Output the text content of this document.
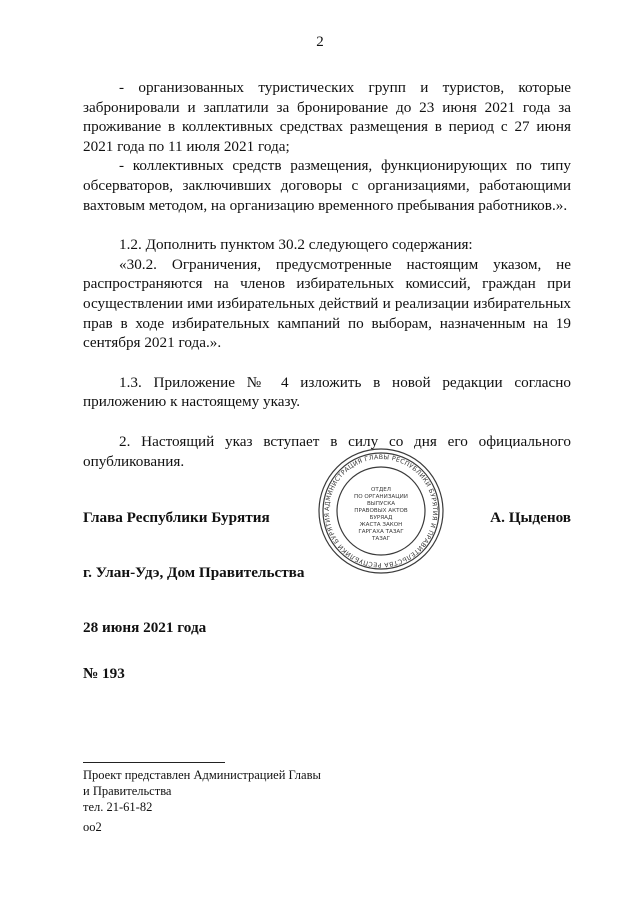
2

- организованных туристических групп и туристов, которые забронировали и заплатили за бронирование до 23 июня 2021 года за проживание в коллективных средствах размещения в период с 27 июня 2021 года по 11 июля 2021 года;

- коллективных средств размещения, функционирующих по типу обсерваторов, заключивших договоры с организациями, работающими вахтовым методом, на организацию временного пребывания работников.».

1.2. Дополнить пунктом 30.2 следующего содержания:

«30.2. Ограничения, предусмотренные настоящим указом, не распространяются на членов избирательных комиссий, граждан при осуществлении ими избирательных действий и реализации избирательных прав в ходе избирательных кампаний по выборам, назначенным на 19 сентября 2021 года.».

1.3. Приложение № 4 изложить в новой редакции согласно приложению к настоящему указу.

2. Настоящий указ вступает в силу со дня его официального опубликования.

Глава Республики Бурятия	А. Цыденов
АДМИНИСТРАЦИЯ ГЛАВЫ РЕСПУБЛИКИ БУРЯТИЯ И ПРАВИТЕЛЬСТВА РЕСПУБЛИКИ БУРЯТИЯ
ОТДЕЛ
ПО ОРГАНИЗАЦИИ
ВЫПУСКА
ПРАВОВЫХ АКТОВ
БУРЯАД
ЖАСТА ЗАКОН
ГАРГАХА ТАЗАГ
ТАЗАГ
г. Улан-Удэ, Дом Правительства
28 июня 2021 года
№ 193
Проект представлен Администрацией Главы
и Правительства
тел. 21-61-82
оо2
